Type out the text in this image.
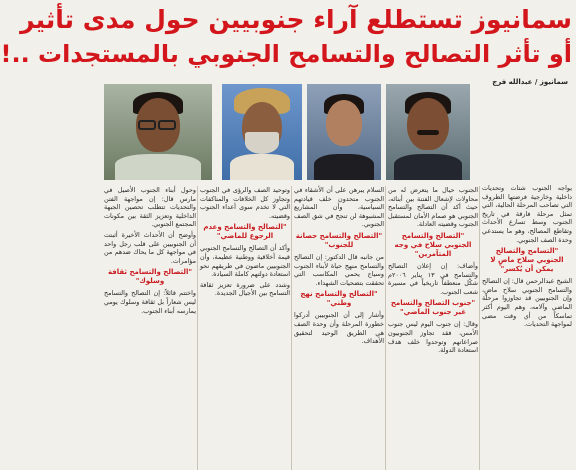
سمانيوز تستطلع آراء جنوبيين حول مدى تأثير
أو تأثر التصالح والتسامح الجنوبي بالمستجدات ..!
سمانيوز / عبدالله فرج

يواجه الجنوب شتات وتحديات داخلية وخارجية فرضتها الظروف التي تصاحب المرحلة الحالية، التي تمثل مرحلة فارقة في تاريخ الجنوب وسط تسارع الأحداث وتقاطع المصالح، وهو ما يستدعي وحدة الصف الجنوبي.

"التسامح والتصالح الجنوبي سلاح ماضٍ لا يمكن أن يُكسر"

الشيخ عبدالرحمن قال: إن التصالح والتسامح الجنوبي سلاح ماضٍ، وإن الجنوبيين قد تجاوزوا مرحلة الماضي وآلامه، وهم اليوم أكثر تماسكاً من أي وقت مضى لمواجهة التحديات.

الجنوب حيال ما يتعرض له من محاولات لإشعال الفتنة بين أبنائه، حيث أكد أن التصالح والتسامح الجنوبي هو صمام الأمان لمستقبل الجنوب وقضيته العادلة.

"التصالح والتسامح الجنوبي سلاح في وجه المتآمرين"

وأضاف: إن إعلان التصالح والتسامح في ١٣ يناير ٢٠٠٦م شكّل منعطفاً تاريخياً في مسيرة شعب الجنوب.

"جنوب التصالح والتسامح غير جنوب الماضي"

وقال: إن جنوب اليوم ليس جنوب الأمس، فقد تجاوز الجنوبيون صراعاتهم وتوحدوا خلف هدف استعادة الدولة.

السلام يبرهن على أن الأشقاء في الجنوب متحدون خلف قيادتهم السياسية، وأن المشاريع المشبوهة لن تنجح في شق الصف الجنوبي.

"التصالح والتسامح حصانة للجنوب"

من جانبه قال الدكتور: إن التصالح والتسامح منهج حياة لأبناء الجنوب وسياج يحمي المكاسب التي تحققت بتضحيات الشهداء.

"التصالح والتسامح نهج وطني"

وأشار إلى أن الجنوبيين أدركوا خطورة المرحلة وأن وحدة الصف هي الطريق الوحيد لتحقيق الأهداف.

وتوحيد الصف والرؤى في الجنوب وتجاوز كل الخلافات والمناكفات التي لا تخدم سوى أعداء الجنوب وقضيته.

"التصالح والتسامح وعدم الرجوع للماضي"

وأكد أن التصالح والتسامح الجنوبي قيمة أخلاقية ووطنية عظيمة، وأن الجنوبيين ماضون في طريقهم نحو استعادة دولتهم كاملة السيادة.

وشدد على ضرورة تعزيز ثقافة التسامح بين الأجيال الجديدة.

وحول أبناء الجنوب الأصيل في مارس قال: إن مواجهة الفتن والتحديات تتطلب تحصين الجبهة الداخلية وتعزيز الثقة بين مكونات المجتمع الجنوبي.

وأوضح أن الأحداث الأخيرة أثبتت أن الجنوبيين على قلب رجل واحد في مواجهة كل ما يحاك ضدهم من مؤامرات.

"التصالح والتسامح ثقافة وسلوك"

واختتم قائلاً: إن التصالح والتسامح ليس شعاراً بل ثقافة وسلوك يومي يمارسه أبناء الجنوب.
